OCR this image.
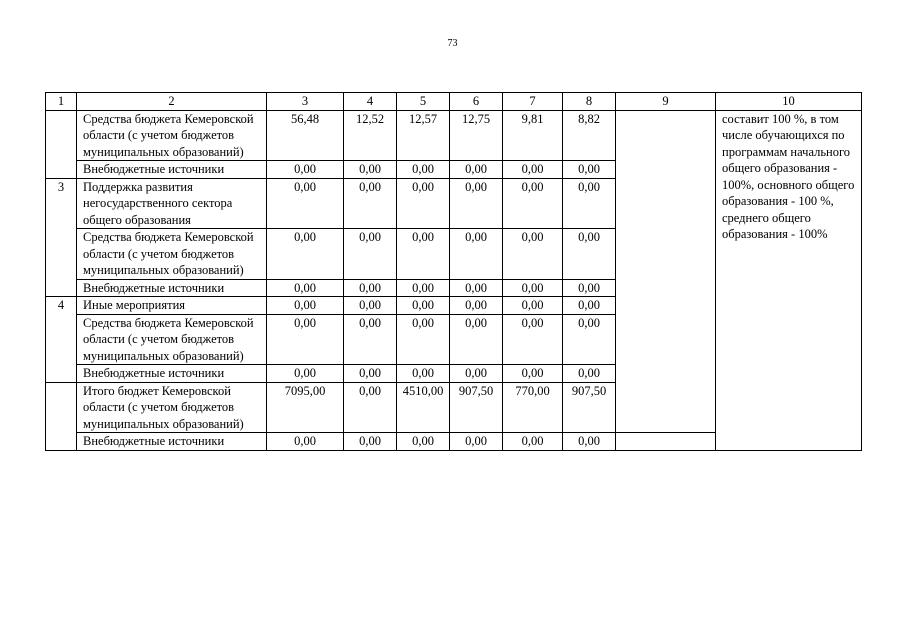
73
1	2	3	4	5	6	7	8	9	10
	Средства бюджета Кемеровской области (с учетом бюджетов муниципальных образований)	56,48	12,52	12,57	12,75	9,81	8,82		составит 100 %, в том числе обучающихся по программам начального общего образования - 100%, основного общего образования - 100 %, среднего общего образования - 100%
	Внебюджетные источники	0,00	0,00	0,00	0,00	0,00	0,00		
3	Поддержка развития негосударственного сектора общего образования	0,00	0,00	0,00	0,00	0,00	0,00		
	Средства бюджета Кемеровской области (с учетом бюджетов муниципальных образований)	0,00	0,00	0,00	0,00	0,00	0,00		
	Внебюджетные источники	0,00	0,00	0,00	0,00	0,00	0,00		
4	Иные мероприятия	0,00	0,00	0,00	0,00	0,00	0,00		
	Средства бюджета Кемеровской области (с учетом бюджетов муниципальных образований)	0,00	0,00	0,00	0,00	0,00	0,00		
	Внебюджетные источники	0,00	0,00	0,00	0,00	0,00	0,00		
	Итого бюджет Кемеровской области (с учетом бюджетов муниципальных образований)	7095,00	0,00	4510,00	907,50	770,00	907,50		
	Внебюджетные источники	0,00	0,00	0,00	0,00	0,00	0,00		
